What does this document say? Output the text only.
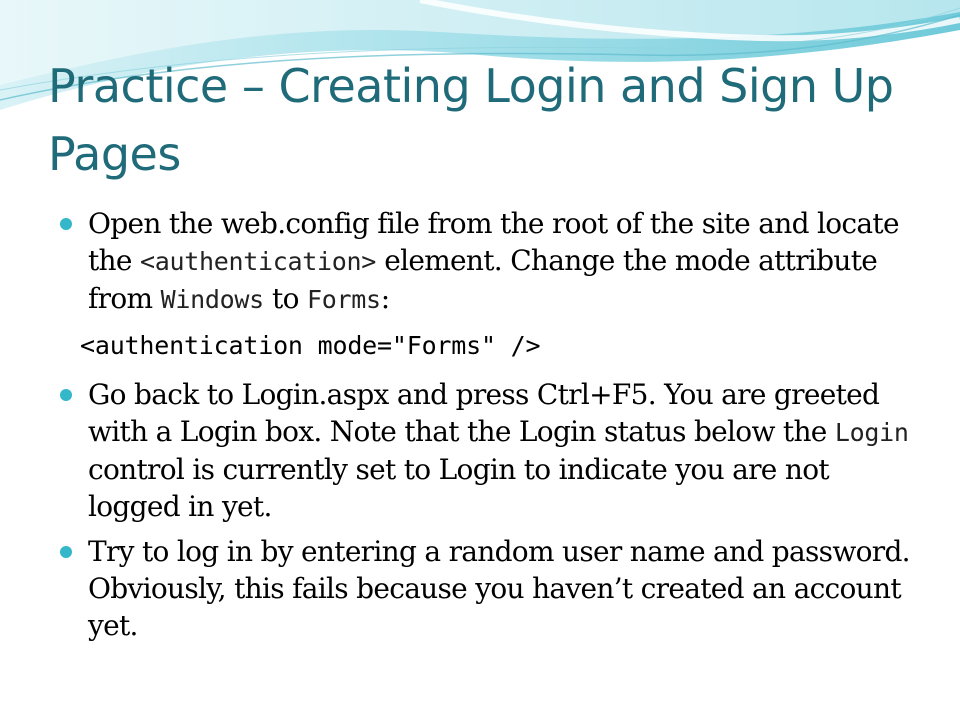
Practice – Creating Login and Sign Up Pages

Open the web.config file from the root of the site and locate the <authentication> element. Change the mode attribute from Windows to Forms:

<authentication mode="Forms" />

Go back to Login.aspx and press Ctrl+F5. You are greeted with a Login box. Note that the Login status below the Login control is currently set to Login to indicate you are not logged in yet.

Try to log in by entering a random user name and password. Obviously, this fails because you haven’t created an account yet.
